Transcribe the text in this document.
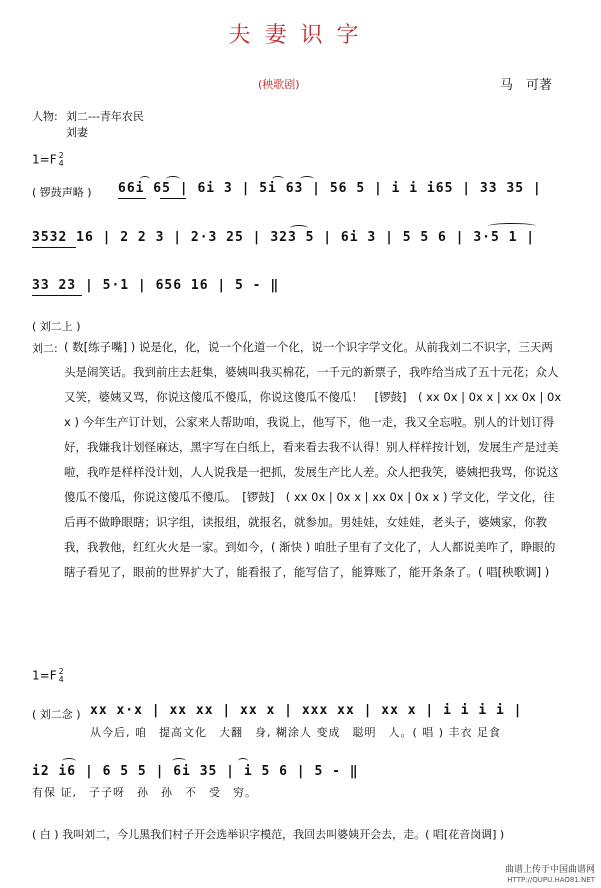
夫妻识字
(秧歌剧)	马　可著
人物: 刘二---青年农民
刘妻
1=F 2
4
( 锣鼓声略 ) 66i 65 | 6i 3 | 5i 63 | 56 5 | i i i65 | 33 35 |
3532 16 | 2 2 3 | 2·3 25 | 323 5 | 6i 3 | 5 5 6 | 3·5 1 |
33 23 | 5·1 | 656 16 | 5 - ‖
( 刘二上 )
刘二: ( 数[练子嘴] ) 说是化，化，说一个化道一个化，说一个识字学文化。从前我刘二不识字，三天两头是闹笑话。我到前庄去赶集，婆姨叫我买棉花，一千元的新票子，我咋给当成了五十元花；众人又笑，婆姨又骂，你说这傻瓜不傻瓜，你说这傻瓜不傻瓜！　[锣鼓]　( xx 0x | 0x x | xx 0x | 0x x ) 今年生产订计划，公家来人帮助咱，我说上，他写下，他一走，我又全忘啦。别人的计划订得好，我嫌我计划怪麻达，黑字写在白纸上，看来看去我不认得！别人样样按计划，发展生产是过美啦，我咋是样样没计划，人人说我是一把抓，发展生产比人差。众人把我笑，婆姨把我骂，你说这傻瓜不傻瓜，你说这傻瓜不傻瓜。　[锣鼓]　( xx 0x | 0x x | xx 0x | 0x x ) 学文化，学文化，往后再不做睁眼瞎；识字组，读报组，就报名，就参加。男娃娃，女娃娃，老头子，婆姨家，你教我，我教他，红红火火是一家。到如今，( 渐快 ) 咱肚子里有了文化了，人人都说美咋了，睁眼的瞎子看见了，眼前的世界扩大了，能看报了，能写信了，能算账了，能开条条了。( 唱[秧歌调] )
1=F 2
4
( 刘二念 ) xx x·x | xx xx | xx x | xxx xx | xx x | i i i i |
从今后, 咱　提高文化　大翻　身, 糊涂人 变成　聪明　人。( 唱 ) 丰衣 足食
i2 i6 | 6 5 5 | 6i 35 | i 5 6 | 5 - ‖
有保 证,　子子呀　孙　孙　不　受　穷。
( 白 ) 我叫刘二，今儿黑我们村子开会选举识字模范，我回去叫婆姨开会去，走。( 唱[花音岗调] )
曲谱上传于中国曲谱网
HTTP://QUPU.HAO81.NET
